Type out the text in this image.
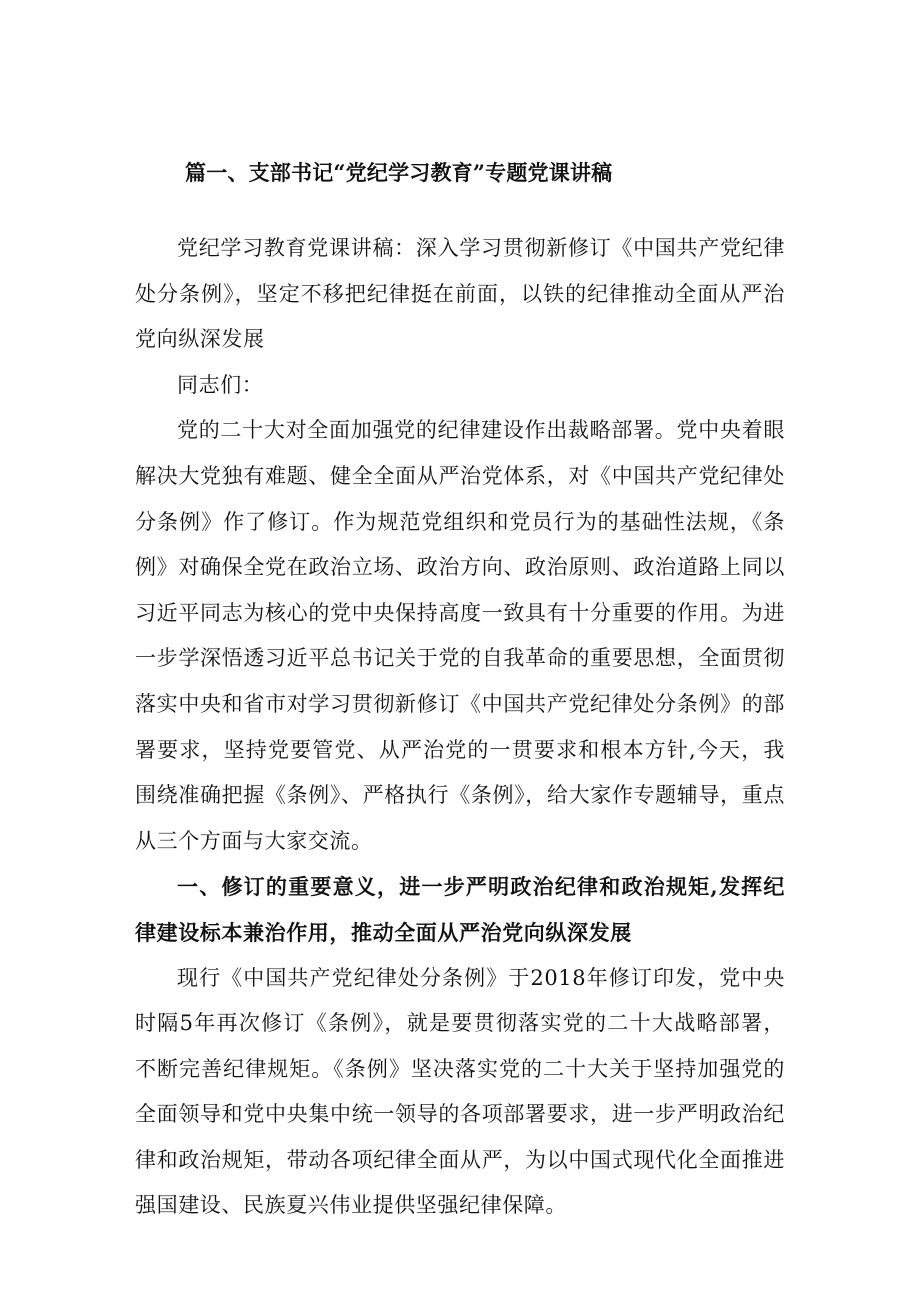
篇一、支部书记“党纪学习教育”专题党课讲稿

党纪学习教育党课讲稿：深入学习贯彻新修订《中国共产党纪律处分条例》，坚定不移把纪律挺在前面，以铁的纪律推动全面从严治党向纵深发展

同志们：

党的二十大对全面加强党的纪律建设作出裁略部署。党中央着眼解决大党独有难题、健全全面从严治党体系，对《中国共产党纪律处分条例》作了修订。作为规范党组织和党员行为的基础性法规，《条例》对确保全党在政治立场、政治方向、政治原则、政治道路上同以习近平同志为核心的党中央保持高度一致具有十分重要的作用。为进一步学深悟透习近平总书记关于党的自我革命的重要思想，全面贯彻落实中央和省市对学习贯彻新修订《中国共产党纪律处分条例》的部署要求，坚持党要管党、从严治党的一贯要求和根本方针,今天，我围绕准确把握《条例》、严格执行《条例》，给大家作专题辅导，重点从三个方面与大家交流。

一、修订的重要意义，进一步严明政治纪律和政治规矩,发挥纪律建设标本兼治作用，推动全面从严治党向纵深发展

现行《中国共产党纪律处分条例》于2018年修订印发，党中央时隔5年再次修订《条例》，就是要贯彻落实党的二十大战略部署，不断完善纪律规矩。《条例》坚决落实党的二十大关于坚持加强党的全面领导和党中央集中统一领导的各项部署要求，进一步严明政治纪律和政治规矩，带动各项纪律全面从严，为以中国式现代化全面推进强国建设、民族夏兴伟业提供坚强纪律保障。
